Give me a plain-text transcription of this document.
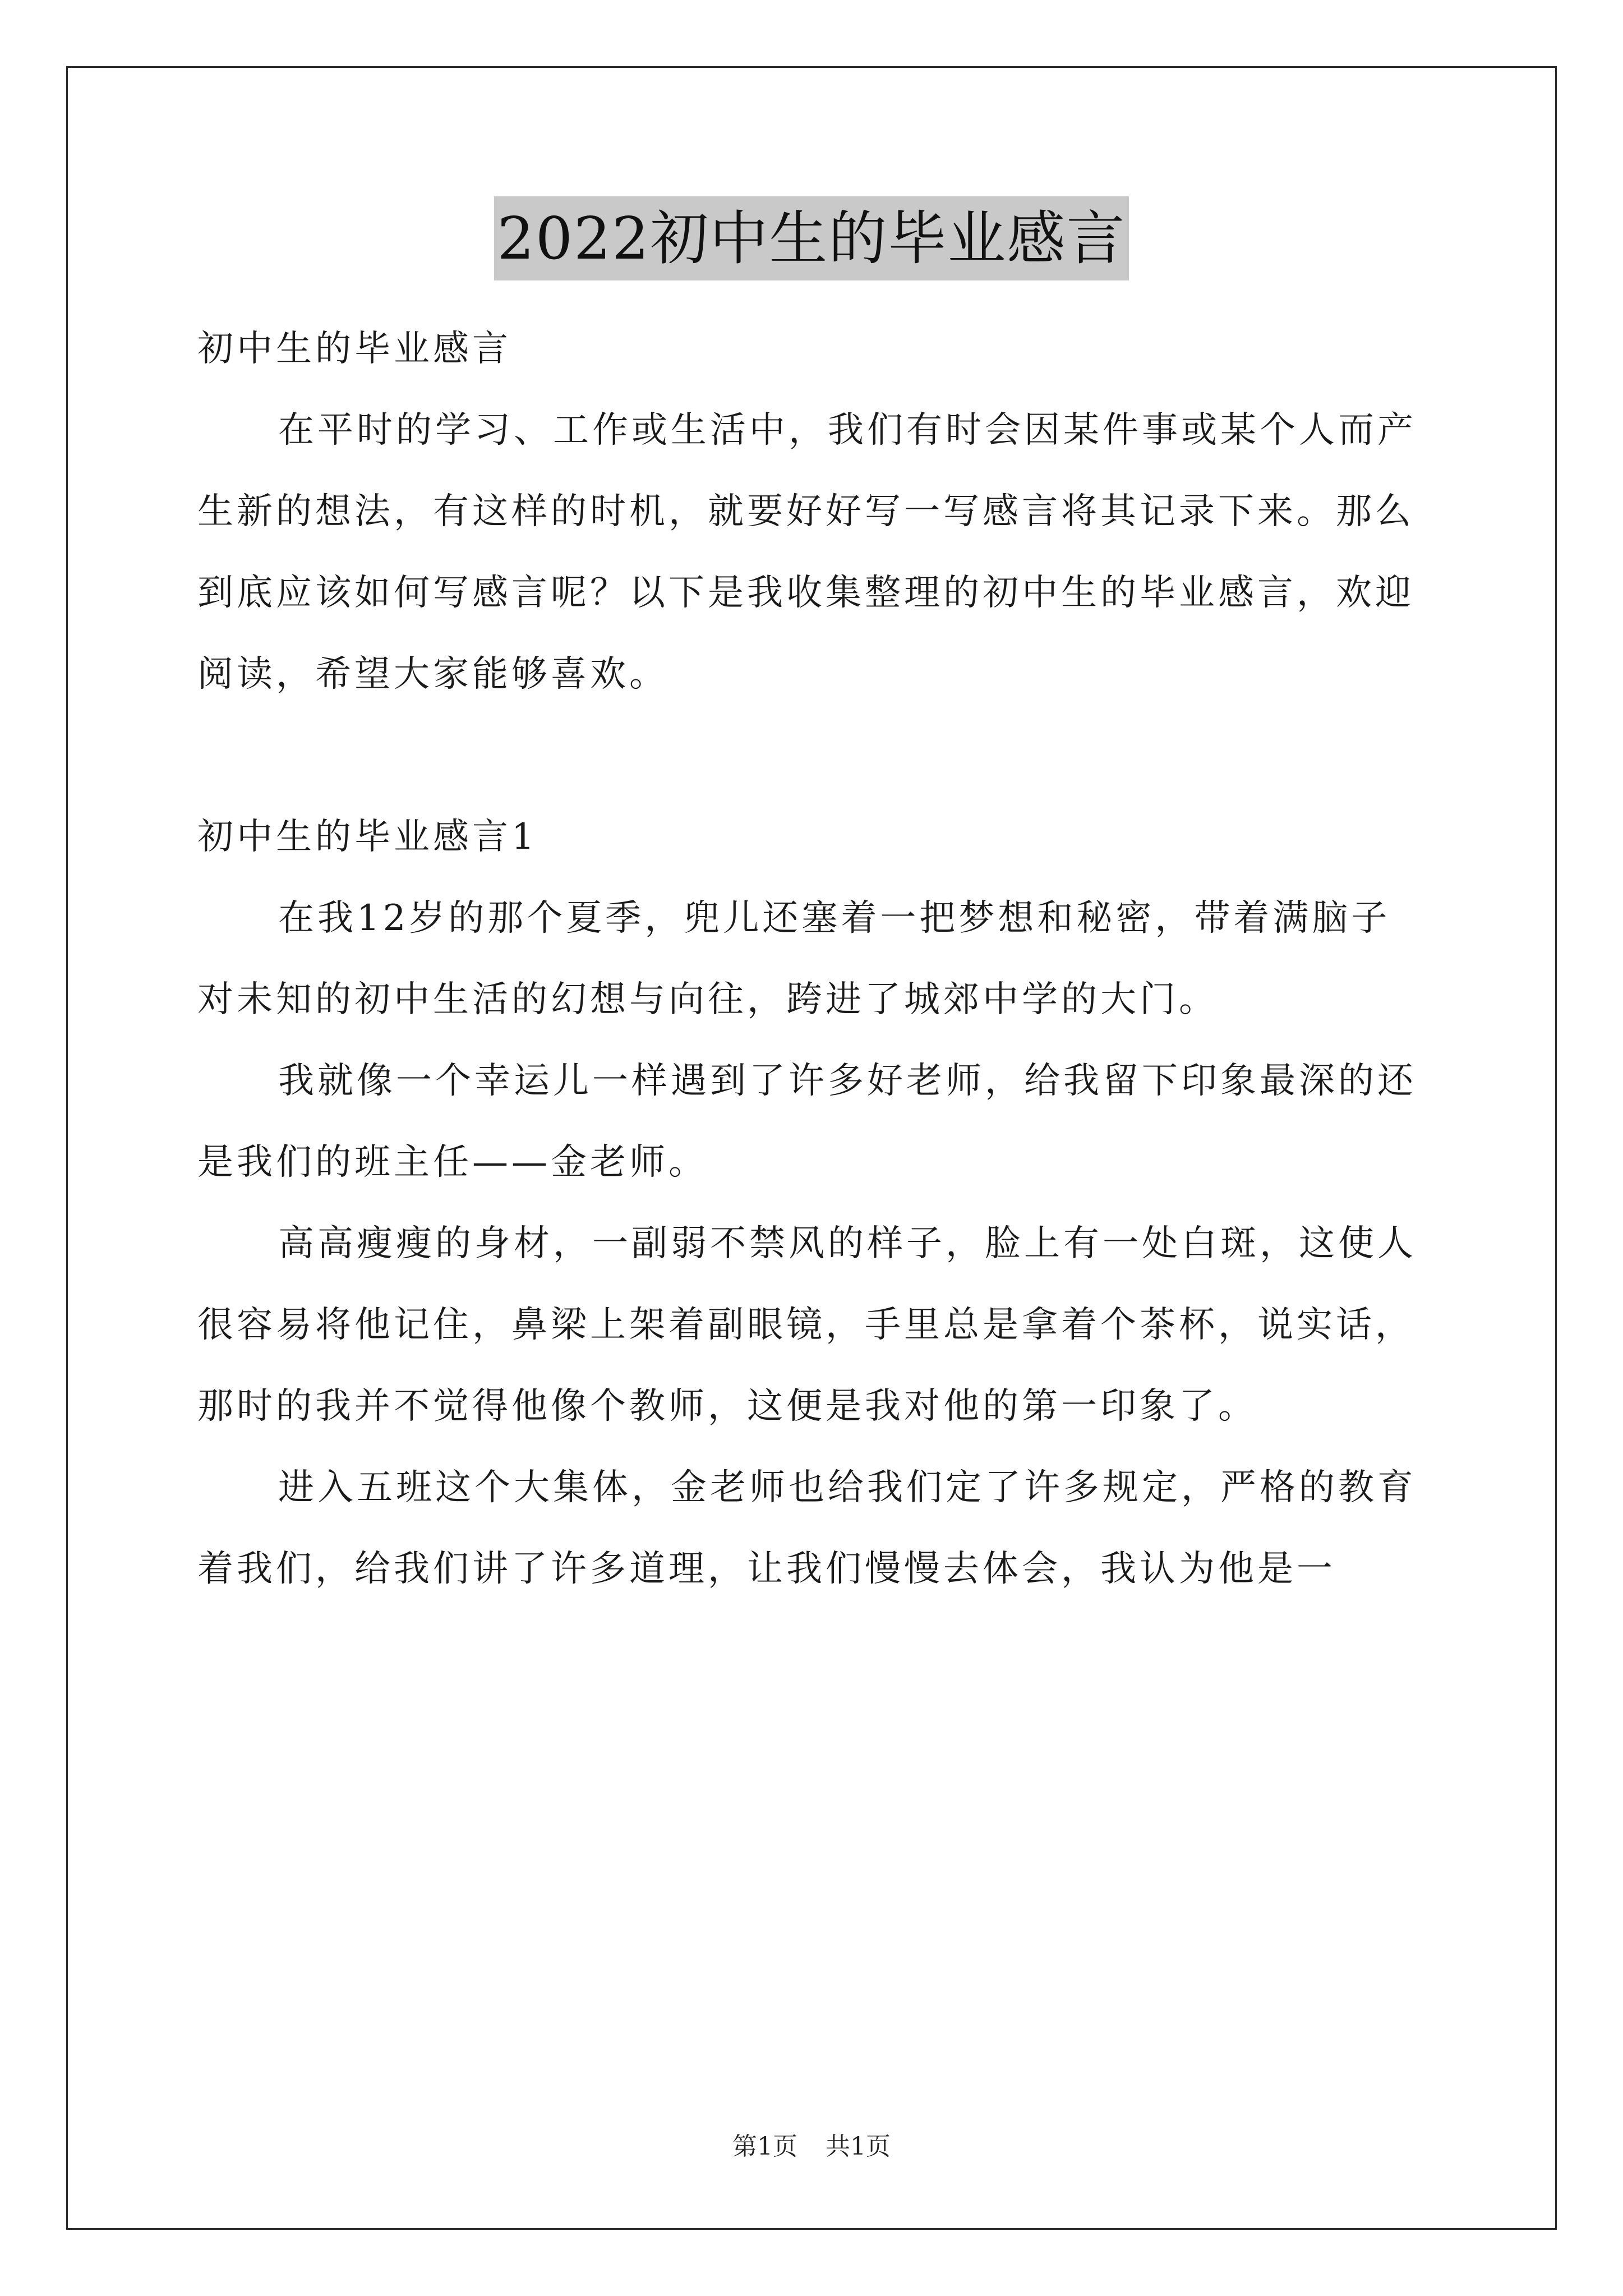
2022初中生的毕业感言

初中生的毕业感言

在平时的学习、工作或生活中，我们有时会因某件事或某个人而产生新的想法，有这样的时机，就要好好写一写感言将其记录下来。那么到底应该如何写感言呢？以下是我收集整理的初中生的毕业感言，欢迎阅读，希望大家能够喜欢。

初中生的毕业感言1

在我12岁的那个夏季，兜儿还塞着一把梦想和秘密，带着满脑子对未知的初中生活的幻想与向往，跨进了城郊中学的大门。

我就像一个幸运儿一样遇到了许多好老师，给我留下印象最深的还是我们的班主任——金老师。

高高瘦瘦的身材，一副弱不禁风的样子，脸上有一处白斑，这使人很容易将他记住，鼻梁上架着副眼镜，手里总是拿着个茶杯，说实话，那时的我并不觉得他像个教师，这便是我对他的第一印象了。

进入五班这个大集体，金老师也给我们定了许多规定，严格的教育着我们，给我们讲了许多道理，让我们慢慢去体会，我认为他是一

第1页 共1页
